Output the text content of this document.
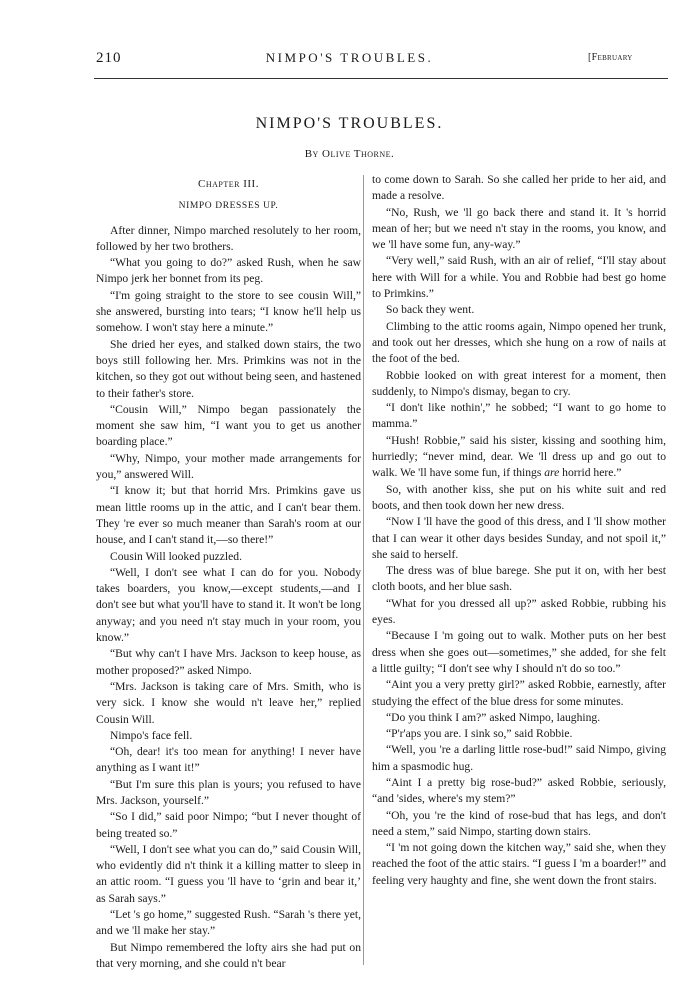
210	NIMPO'S TROUBLES.	[February
NIMPO'S TROUBLES.
By Olive Thorne.
Chapter III.
NIMPO DRESSES UP.

After dinner, Nimpo marched resolutely to her room, followed by her two brothers.

“What you going to do?” asked Rush, when he saw Nimpo jerk her bonnet from its peg.

“I'm going straight to the store to see cousin Will,” she answered, bursting into tears; “I know he'll help us somehow. I won't stay here a minute.”

She dried her eyes, and stalked down stairs, the two boys still following her. Mrs. Primkins was not in the kitchen, so they got out without being seen, and hastened to their father's store.

“Cousin Will,” Nimpo began passionately the moment she saw him, “I want you to get us another boarding place.”

“Why, Nimpo, your mother made arrangements for you,” answered Will.

“I know it; but that horrid Mrs. Primkins gave us mean little rooms up in the attic, and I can't bear them. They 're ever so much meaner than Sarah's room at our house, and I can't stand it,—so there!”

Cousin Will looked puzzled.

“Well, I don't see what I can do for you. Nobody takes boarders, you know,—except students,—and I don't see but what you'll have to stand it. It won't be long anyway; and you need n't stay much in your room, you know.”

“But why can't I have Mrs. Jackson to keep house, as mother proposed?” asked Nimpo.

“Mrs. Jackson is taking care of Mrs. Smith, who is very sick. I know she would n't leave her,” replied Cousin Will.

Nimpo's face fell.

“Oh, dear! it's too mean for anything! I never have anything as I want it!”

“But I'm sure this plan is yours; you refused to have Mrs. Jackson, yourself.”

“So I did,” said poor Nimpo; “but I never thought of being treated so.”

“Well, I don't see what you can do,” said Cousin Will, who evidently did n't think it a killing matter to sleep in an attic room. “I guess you 'll have to ‘grin and bear it,’ as Sarah says.”

“Let 's go home,” suggested Rush. “Sarah 's there yet, and we 'll make her stay.”

But Nimpo remembered the lofty airs she had put on that very morning, and she could n't bear

to come down to Sarah. So she called her pride to her aid, and made a resolve.

“No, Rush, we 'll go back there and stand it. It 's horrid mean of her; but we need n't stay in the rooms, you know, and we 'll have some fun, any-way.”

“Very well,” said Rush, with an air of relief, “I'll stay about here with Will for a while. You and Robbie had best go home to Primkins.”

So back they went.

Climbing to the attic rooms again, Nimpo opened her trunk, and took out her dresses, which she hung on a row of nails at the foot of the bed.

Robbie looked on with great interest for a moment, then suddenly, to Nimpo's dismay, began to cry.

“I don't like nothin',” he sobbed; “I want to go home to mamma.”

“Hush! Robbie,” said his sister, kissing and soothing him, hurriedly; “never mind, dear. We 'll dress up and go out to walk. We 'll have some fun, if things are horrid here.”

So, with another kiss, she put on his white suit and red boots, and then took down her new dress.

“Now I 'll have the good of this dress, and I 'll show mother that I can wear it other days besides Sunday, and not spoil it,” she said to herself.

The dress was of blue barege. She put it on, with her best cloth boots, and her blue sash.

“What for you dressed all up?” asked Robbie, rubbing his eyes.

“Because I 'm going out to walk. Mother puts on her best dress when she goes out—sometimes,” she added, for she felt a little guilty; “I don't see why I should n't do so too.”

“Aint you a very pretty girl?” asked Robbie, earnestly, after studying the effect of the blue dress for some minutes.

“Do you think I am?” asked Nimpo, laughing.

“P'r'aps you are. I sink so,” said Robbie.

“Well, you 're a darling little rose-bud!” said Nimpo, giving him a spasmodic hug.

“Aint I a pretty big rose-bud?” asked Robbie, seriously, “and 'sides, where's my stem?”

“Oh, you 're the kind of rose-bud that has legs, and don't need a stem,” said Nimpo, starting down stairs.

“I 'm not going down the kitchen way,” said she, when they reached the foot of the attic stairs. “I guess I 'm a boarder!” and feeling very haughty and fine, she went down the front stairs.
